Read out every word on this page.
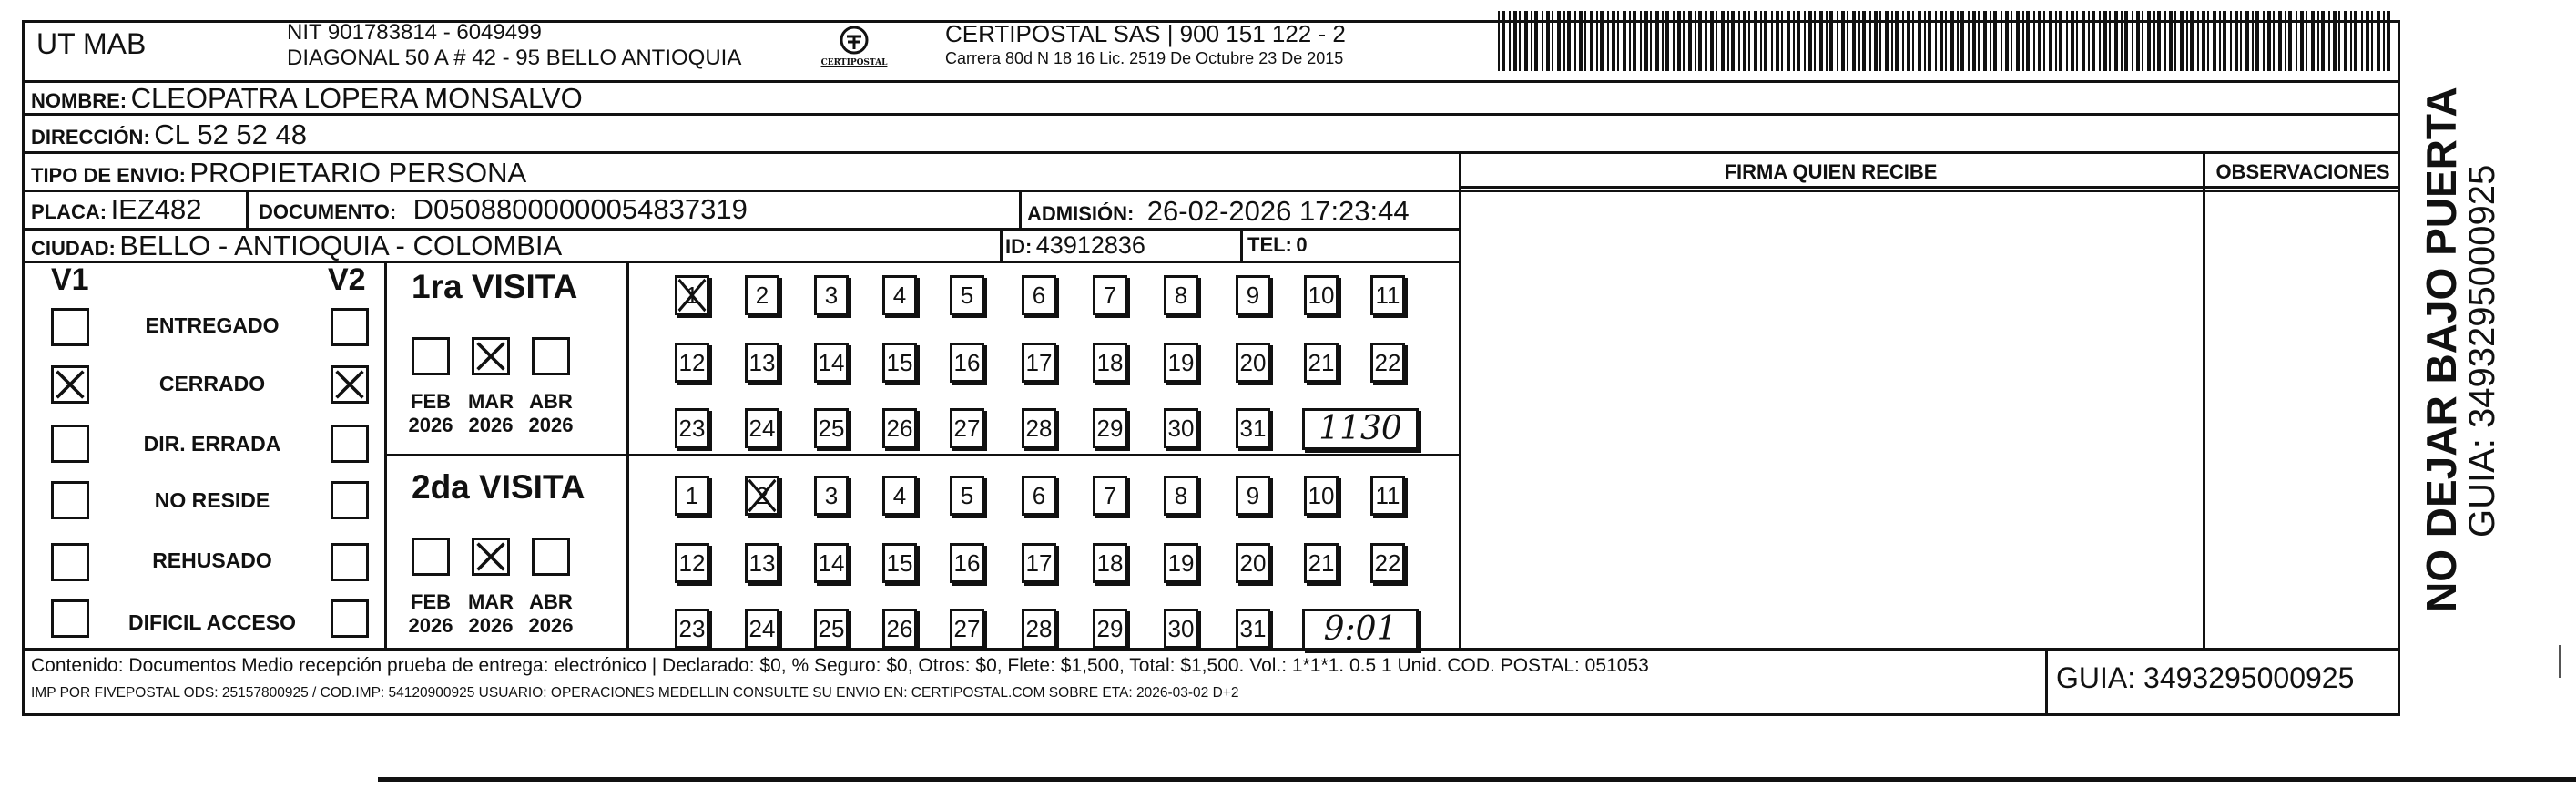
UT MAB	NIT 901783814 - 6049499
DIAGONAL 50 A # 42 - 95 BELLO ANTIOQUIA	CERTIPOSTAL
CERTIPOSTAL SAS | 900 151 122 - 2
Carrera 80d N 18 16 Lic. 2519 De Octubre 23 De 2015
NOMBRE: CLEOPATRA LOPERA MONSALVO
DIRECCIÓN: CL 52 52 48
TIPO DE ENVIO: PROPIETARIO PERSONA
PLACA: IEZ482	DOCUMENTO: D05088000000054837319	ADMISIÓN: 26-02-2026 17:23:44
CIUDAD: BELLO - ANTIOQUIA - COLOMBIA	ID: 43912836	TEL: 0
FIRMA QUIEN RECIBE	OBSERVACIONES
V1	V2
ENTREGADO
CERRADO
DIR. ERRADA
NO RESIDE
REHUSADO
DIFICIL ACCESO
1ra VISITA
FEB
2026
MAR
2026
ABR
2026
1	2	3	4	5	6	7	8	9	10 11
12 13 14 15 16 17 18 19 20 21 22
23 24 25 26 27 28 29 30 31	1130
2da VISITA
FEB
2026
MAR
2026
ABR
2026
1	2	3	4	5	6	7	8	9	10 11
12 13 14 15 16 17 18 19 20 21 22
23 24 25 26 27 28 29 30 31	9:01
Contenido: Documentos Medio recepción prueba de entrega: electrónico | Declarado: $0, % Seguro: $0, Otros: $0, Flete: $1,500, Total: $1,500. Vol.: 1*1*1. 0.5 1 Unid. COD. POSTAL: 051053
IMP POR FIVEPOSTAL ODS: 25157800925 / COD.IMP: 54120900925 USUARIO: OPERACIONES MEDELLIN CONSULTE SU ENVIO EN: CERTIPOSTAL.COM SOBRE ETA: 2026-03-02 D+2	GUIA: 3493295000925
NO DEJAR BAJO PUERTA
GUIA: 3493295000925
